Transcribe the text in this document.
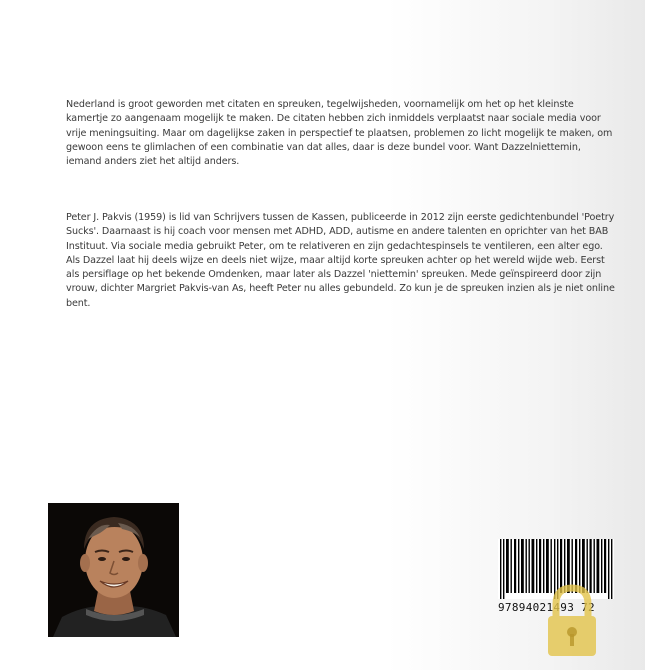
Nederland is groot geworden met citaten en spreuken, tegelwijsheden, voornamelijk om het op het kleinste kamertje zo aangenaam mogelijk te maken. De citaten hebben zich inmiddels verplaatst naar sociale media voor vrije meningsuiting. Maar om dagelijkse zaken in perspectief te plaatsen, problemen zo licht mogelijk te maken, om gewoon eens te glimlachen of een combinatie van dat alles, daar is deze bundel voor. Want Dazzelniettemin, iemand anders ziet het altijd anders.

Peter J. Pakvis (1959) is lid van Schrijvers tussen de Kassen, publiceerde in 2012 zijn eerste gedichtenbundel 'Poetry Sucks'. Daarnaast is hij coach voor mensen met ADHD, ADD, autisme en andere talenten en oprichter van het BAB Instituut. Via sociale media gebruikt Peter, om te relativeren en zijn gedachtespinsels te ventileren, een alter ego. Als Dazzel laat hij deels wijze en deels niet wijze, maar altijd korte spreuken achter op het wereld wijde web. Eerst als persiflage op het bekende Omdenken, maar later als Dazzel 'niettemin' spreuken. Mede geïnspireerd door zijn vrouw, dichter Margriet Pakvis-van As, heeft Peter nu alles gebundeld. Zo kun je de spreuken inzien als je niet online bent.

97894021493 72
